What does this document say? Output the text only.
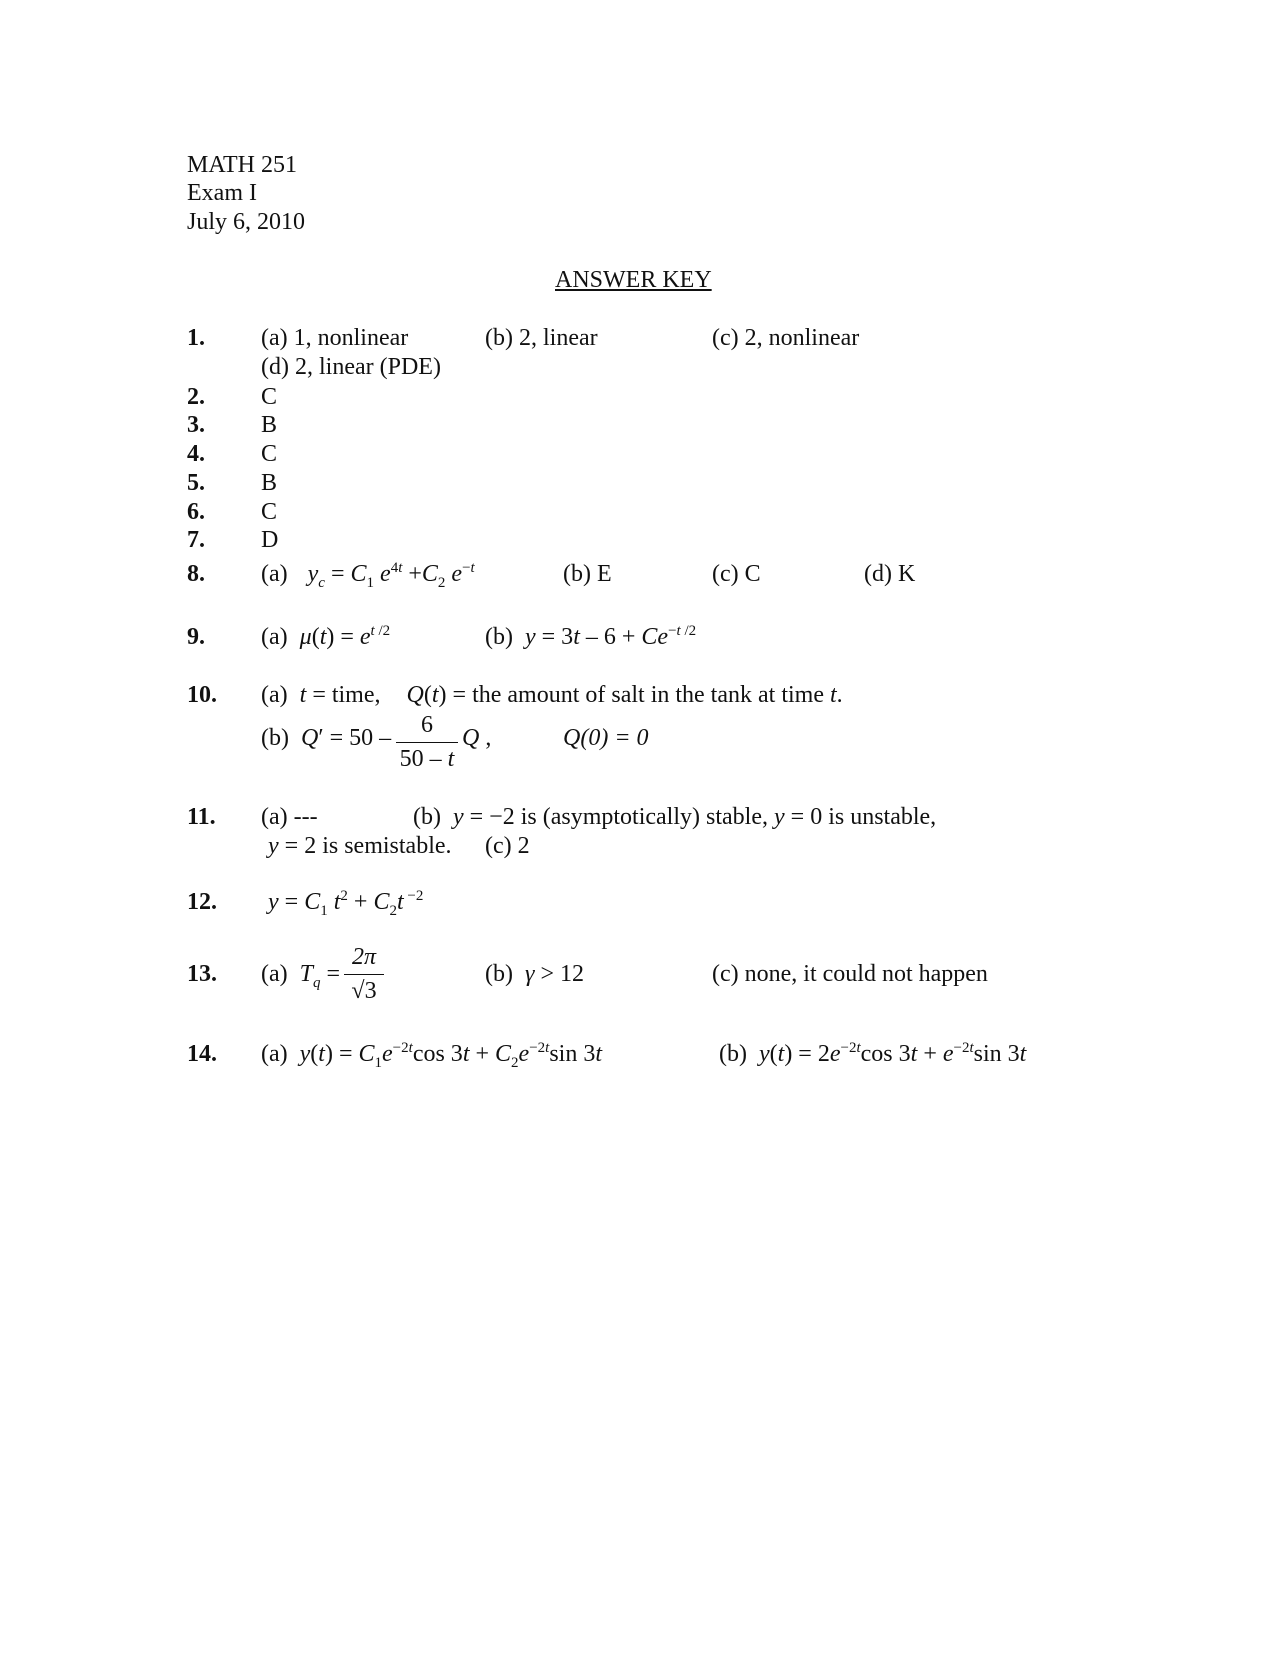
MATH 251
Exam I
July 6, 2010
ANSWER KEY
1. (a) 1, nonlinear	(b) 2, linear	(c) 2, nonlinear
(d) 2, linear (PDE)
2. C
3. B
4. C
5. B
6. C
7. D
8. (a) $y_c = C_1$ $e^{4t} +C_2$ $e^{-t}$	(b) E	(c) C	(d) K
9. (a) $\mu(t) = e^{t /2}$	(b) $y = 3t - 6 + Ce^{-t /2}$
10. (a) t = time, Q(t) = the amount of salt in the tank at time t.
(b) $Q' = 50 - \frac{6}{50 - t}$ Q ,	Q(0) = 0
11. (a) ---	(b) y = −2 is (asymptotically) stable, y = 0 is unstable,
y = 2 is semistable. (c) 2
12. $y = C_1$ $t^2 + C_2t$ $^{-2}$
13. (a) $T_q = \frac{2\pi}{√3}$	(b) γ > 12	(c) none, it could not happen
14. (a) $y(t) = C_1e^{-2t}\cos$ $3t + C_2e^{-2t}\sin$ 3t	(b) $y(t) = 2e^{-2t}\cos$ $3t + e^{-2t}\sin$ 3t
